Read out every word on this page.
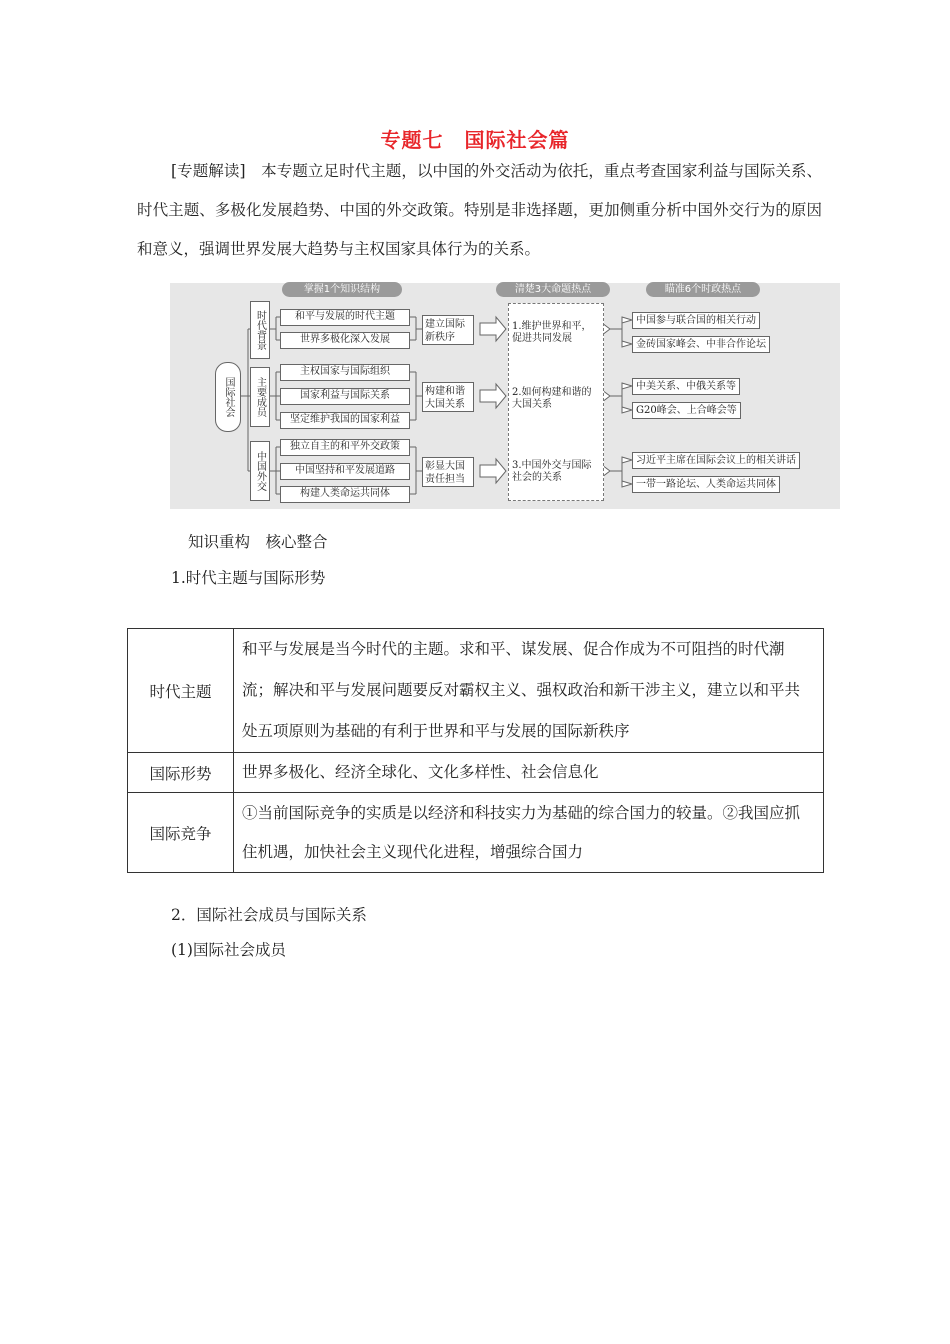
专题七　国际社会篇

[专题解读]　本专题立足时代主题，以中国的外交活动为依托，重点考查国家利益与国际关系、时代主题、多极化发展趋势、中国的外交政策。特别是非选择题，更加侧重分析中国外交行为的原因和意义，强调世界发展大趋势与主权国家具体行为的关系。

掌握1个知识结构	清楚3大命题热点	瞄准6个时政热点
国际社会
时代背景
主要成员
中国外交
和平与发展的时代主题
世界多极化深入发展
主权国家与国际组织
国家利益与国际关系
坚定维护我国的国家利益
独立自主的和平外交政策
中国坚持和平发展道路
构建人类命运共同体
建立国际新秩序
构建和谐大国关系
彰显大国责任担当
1.维护世界和平，促进共同发展
2.如何构建和谐的大国关系
3.中国外交与国际社会的关系
中国参与联合国的相关行动
金砖国家峰会、中非合作论坛
中美关系、中俄关系等
G20峰会、上合峰会等
习近平主席在国际会议上的相关讲话
一带一路论坛、人类命运共同体
知识重构　核心整合
1.时代主题与国际形势
时代主题	和平与发展是当今时代的主题。求和平、谋发展、促合作成为不可阻挡的时代潮流；解决和平与发展问题要反对霸权主义、强权政治和新干涉主义，建立以和平共处五项原则为基础的有利于世界和平与发展的国际新秩序
国际形势	世界多极化、经济全球化、文化多样性、社会信息化
国际竞争	①当前国际竞争的实质是以经济和科技实力为基础的综合国力的较量。②我国应抓住机遇，加快社会主义现代化进程，增强综合国力
2．国际社会成员与国际关系
(1)国际社会成员
